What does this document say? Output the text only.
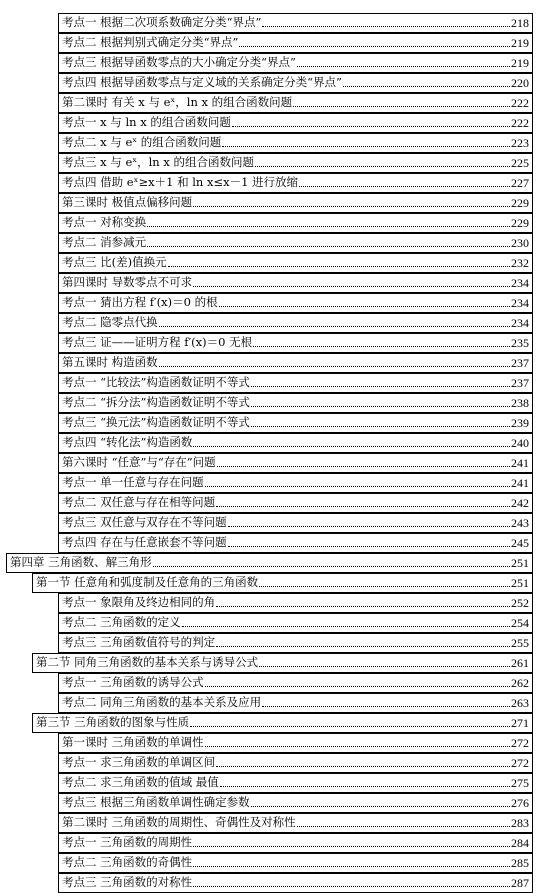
考点一 根据二次项系数确定分类“界点”	218
考点二 根据判别式确定分类“界点”	219
考点三 根据导函数零点的大小确定分类“界点”	219
考点四 根据导函数零点与定义域的关系确定分类“界点”	220
第二课时 有关 x 与 eˣ，ln x 的组合函数问题	222
考点一 x 与 ln x 的组合函数问题	222
考点二 x 与 eˣ 的组合函数问题	223
考点三 x 与 eˣ，ln x 的组合函数问题	225
考点四 借助 eˣ≥x＋1 和 ln x≤x－1 进行放缩	227
第三课时 极值点偏移问题	229
考点一 对称变换	229
考点二 消参减元	230
考点三 比(差)值换元	232
第四课时 导数零点不可求	234
考点一 猜出方程 f′(x)＝0 的根	234
考点二 隐零点代换	234
考点三 证——证明方程 f′(x)＝0 无根	235
第五课时 构造函数	237
考点一 “比较法”构造函数证明不等式	237
考点二 “拆分法”构造函数证明不等式	238
考点三 “换元法”构造函数证明不等式	239
考点四 “转化法”构造函数	240
第六课时 “任意”与“存在”问题	241
考点一 单一任意与存在问题	241
考点二 双任意与存在相等问题	242
考点三 双任意与双存在不等问题	243
考点四 存在与任意嵌套不等问题	245
第四章 三角函数、解三角形	251
第一节 任意角和弧度制及任意角的三角函数	251
考点一 象限角及终边相同的角	252
考点二 三角函数的定义	254
考点三 三角函数值符号的判定	255
第二节 同角三角函数的基本关系与诱导公式	261
考点一 三角函数的诱导公式	262
考点二 同角三角函数的基本关系及应用	263
第三节 三角函数的图象与性质	271
第一课时 三角函数的单调性	272
考点一 求三角函数的单调区间	272
考点二 求三角函数的值域 最值	275
考点三 根据三角函数单调性确定参数	276
第二课时 三角函数的周期性、奇偶性及对称性	283
考点一 三角函数的周期性	284
考点二 三角函数的奇偶性	285
考点三 三角函数的对称性	287
